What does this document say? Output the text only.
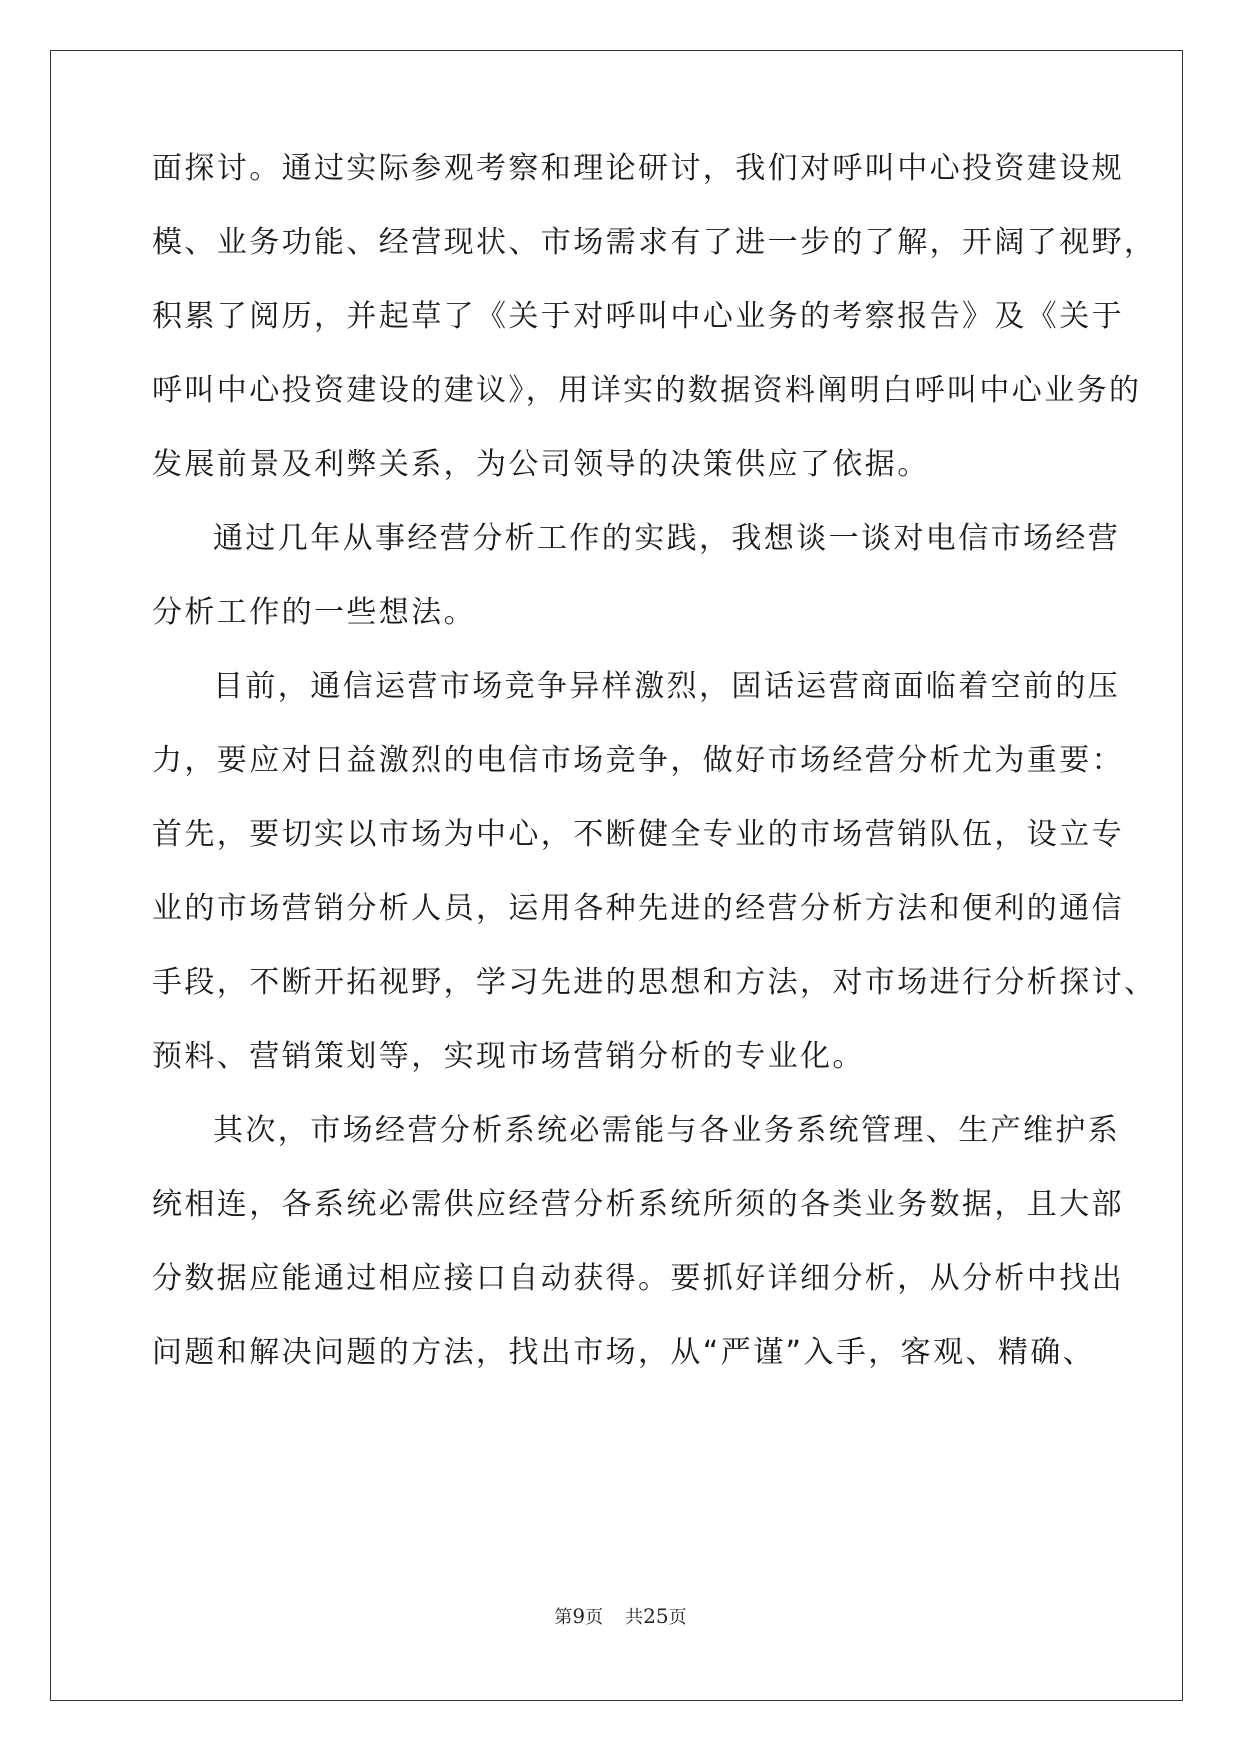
面探讨。通过实际参观考察和理论研讨，我们对呼叫中心投资建设规
模、业务功能、经营现状、市场需求有了进一步的了解，开阔了视野，
积累了阅历，并起草了《关于对呼叫中心业务的考察报告》及《关于
呼叫中心投资建设的建议》，用详实的数据资料阐明白呼叫中心业务的
发展前景及利弊关系，为公司领导的决策供应了依据。
通过几年从事经营分析工作的实践，我想谈一谈对电信市场经营
分析工作的一些想法。
目前，通信运营市场竞争异样激烈，固话运营商面临着空前的压
力，要应对日益激烈的电信市场竞争，做好市场经营分析尤为重要：
首先，要切实以市场为中心，不断健全专业的市场营销队伍，设立专
业的市场营销分析人员，运用各种先进的经营分析方法和便利的通信
手段，不断开拓视野，学习先进的思想和方法，对市场进行分析探讨、
预料、营销策划等，实现市场营销分析的专业化。
其次，市场经营分析系统必需能与各业务系统管理、生产维护系
统相连，各系统必需供应经营分析系统所须的各类业务数据，且大部
分数据应能通过相应接口自动获得。要抓好详细分析，从分析中找出
问题和解决问题的方法，找出市场，从“严谨”入手，客观、精确、
第9页 共25页
